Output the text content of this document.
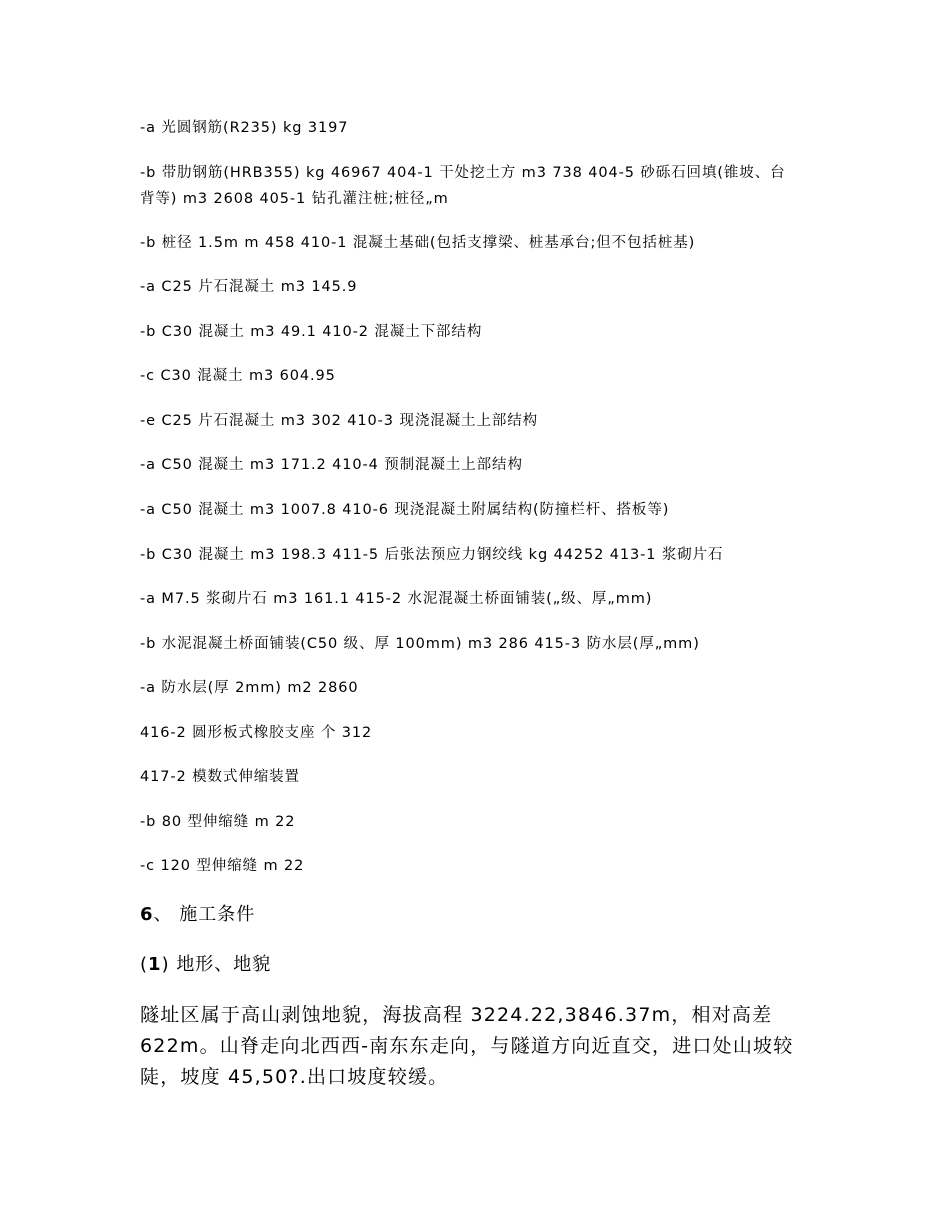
-a 光圆钢筋(R235) kg 3197
-b 带肋钢筋(HRB355) kg 46967 404-1 干处挖土方 m3 738 404-5 砂砾石回填(锥坡、台背等) m3 2608 405-1 钻孔灌注桩;桩径„m
-b 桩径 1.5m m 458 410-1 混凝土基础(包括支撑梁、桩基承台;但不包括桩基)
-a C25 片石混凝土 m3 145.9
-b C30 混凝土 m3 49.1 410-2 混凝土下部结构
-c C30 混凝土 m3 604.95
-e C25 片石混凝土 m3 302 410-3 现浇混凝土上部结构
-a C50 混凝土 m3 171.2 410-4 预制混凝土上部结构
-a C50 混凝土 m3 1007.8 410-6 现浇混凝土附属结构(防撞栏杆、搭板等)
-b C30 混凝土 m3 198.3 411-5 后张法预应力钢绞线 kg 44252 413-1 浆砌片石
-a M7.5 浆砌片石 m3 161.1 415-2 水泥混凝土桥面铺装(„级、厚„mm)
-b 水泥混凝土桥面铺装(C50 级、厚 100mm) m3 286 415-3 防水层(厚„mm)
-a 防水层(厚 2mm) m2 2860
416-2 圆形板式橡胶支座 个 312
417-2 模数式伸缩装置
-b 80 型伸缩缝 m 22
-c 120 型伸缩缝 m 22
6、 施工条件
(1) 地形、地貌
隧址区属于高山剥蚀地貌，海拔高程 3224.22,3846.37m，相对高差 622m。山脊走向北西西-南东东走向，与隧道方向近直交，进口处山坡较陡，坡度 45,50?.出口坡度较缓。
